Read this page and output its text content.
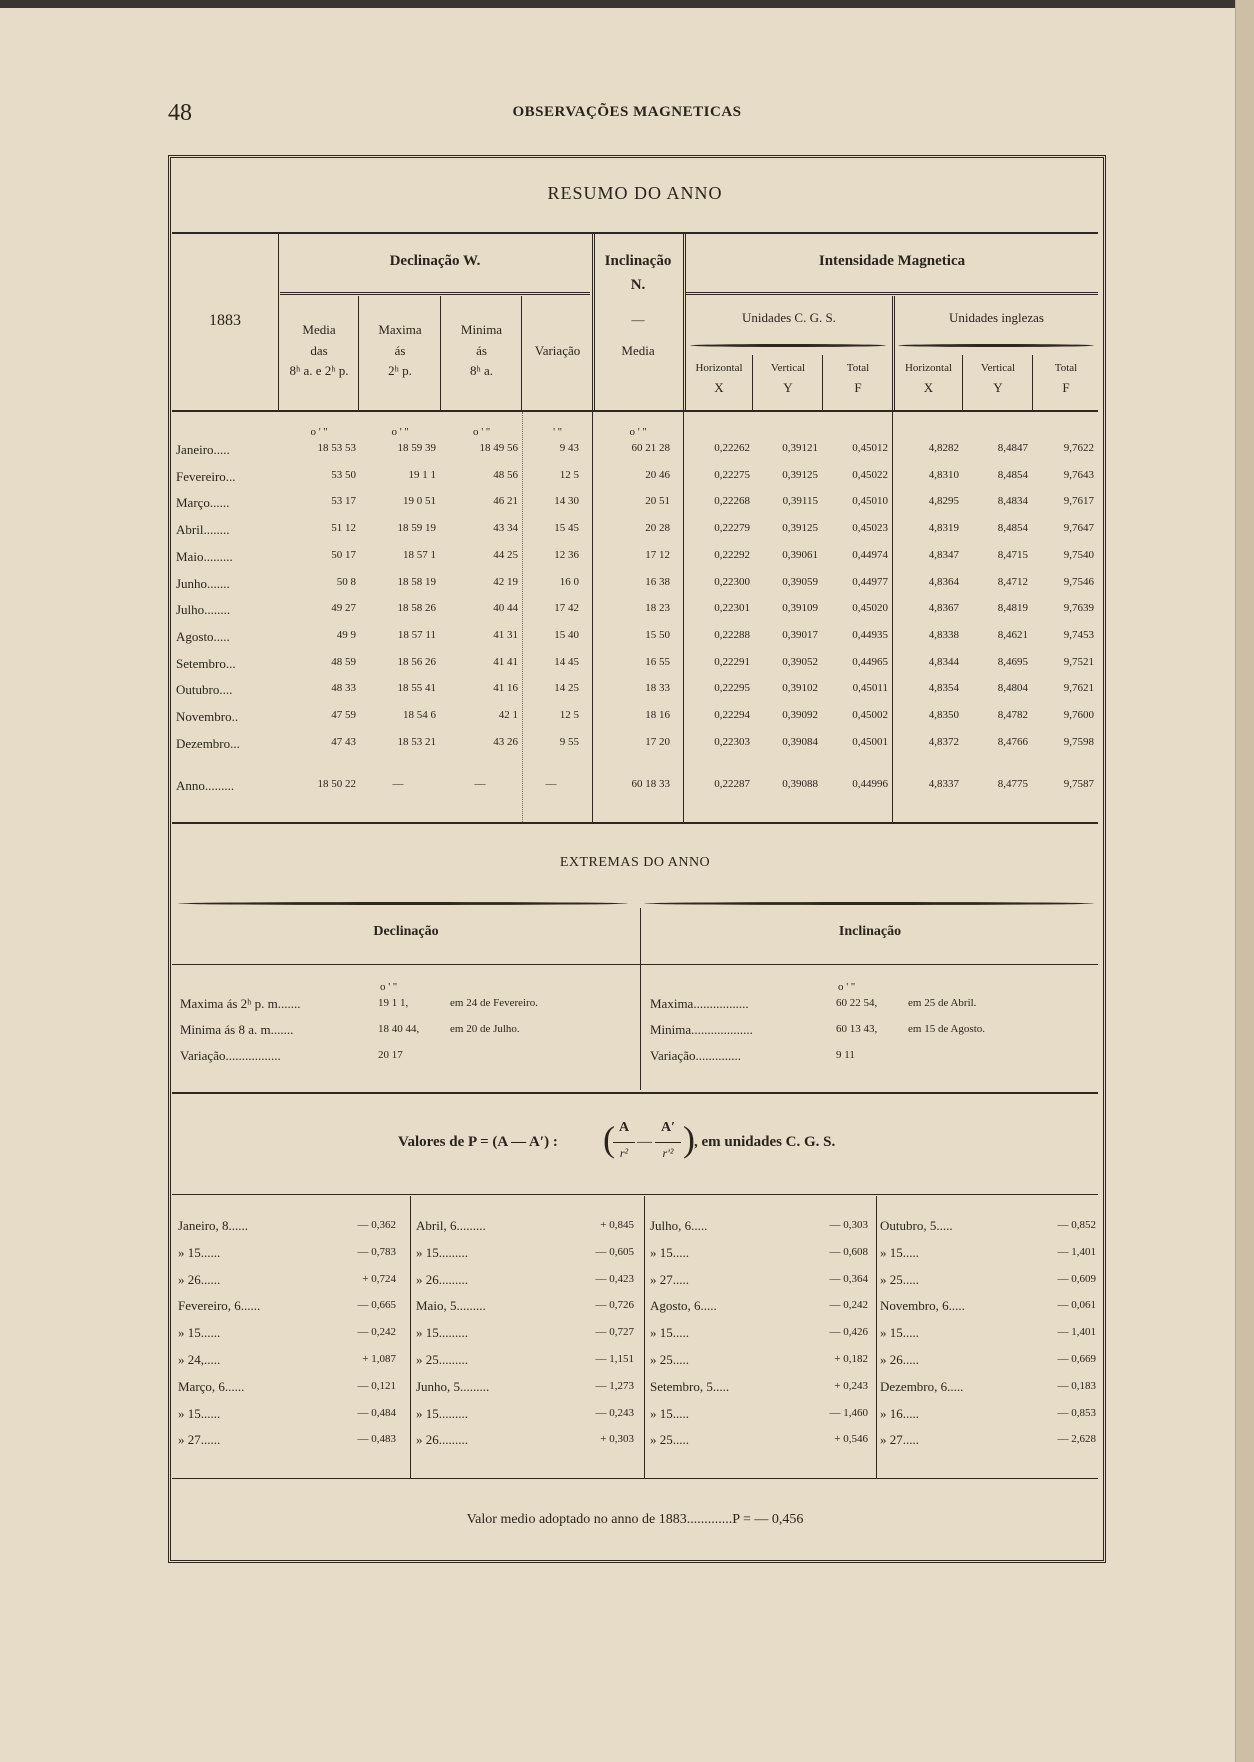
48	OBSERVAÇÕES MAGNETICAS
RESUMO DO ANNO
1883
Declinação W.	Inclinação
N.
—
Intensidade Magnetica
Unidades C. G. S.	Unidades inglezas
Media
das
8ʰ a. e 2ʰ p.
Maxima
ás
2ʰ p.
Minima
ás
8ʰ a.
Variação	Media
Horizontal	Vertical	Total
X	Y	F
Horizontal	Vertical	Total
X	Y	F
o ' ''	o ' ''	o ' ''	' ''	o ' ''
Janeiro.....	18 53 53	18 59 39	18 49 56	9 43	60 21 28	0,22262	0,39121	0,45012	4,8282	8,4847	9,7622
Fevereiro...	53 50	19 1 1	48 56	12 5	20 46	0,22275	0,39125	0,45022	4,8310	8,4854	9,7643
Março......	53 17	19 0 51	46 21	14 30	20 51	0,22268	0,39115	0,45010	4,8295	8,4834	9,7617
Abril........	51 12	18 59 19	43 34	15 45	20 28	0,22279	0,39125	0,45023	4,8319	8,4854	9,7647
Maio.........	50 17	18 57 1	44 25	12 36	17 12	0,22292	0,39061	0,44974	4,8347	8,4715	9,7540
Junho.......	50 8	18 58 19	42 19	16 0	16 38	0,22300	0,39059	0,44977	4,8364	8,4712	9,7546
Julho........	49 27	18 58 26	40 44	17 42	18 23	0,22301	0,39109	0,45020	4,8367	8,4819	9,7639
Agosto.....	49 9	18 57 11	41 31	15 40	15 50	0,22288	0,39017	0,44935	4,8338	8,4621	9,7453
Setembro...	48 59	18 56 26	41 41	14 45	16 55	0,22291	0,39052	0,44965	4,8344	8,4695	9,7521
Outubro....	48 33	18 55 41	41 16	14 25	18 33	0,22295	0,39102	0,45011	4,8354	8,4804	9,7621
Novembro..	47 59	18 54 6	42 1	12 5	18 16	0,22294	0,39092	0,45002	4,8350	8,4782	9,7600
Dezembro...	47 43	18 53 21	43 26	9 55	17 20	0,22303	0,39084	0,45001	4,8372	8,4766	9,7598
Anno.........	18 50 22	—	—	—	60 18 33	0,22287	0,39088	0,44996	4,8337	8,4775	9,7587
EXTREMAS DO ANNO
Declinação	Inclinação
o ' ''	o ' ''
Maxima ás 2ʰ p. m.......	19 1 1,	em 24 de Fevereiro.
Minima ás 8 a. m.......	18 40 44,	em 20 de Julho.
Variação.................	20 17
Maxima.................	60 22 54,	em 25 de Abril.
Minima...................	60 13 43,	em 15 de Agosto.
Variação..............	9 11
Valores de P = (A — A′) : ( A
r²
—
A′
r′² ) , em unidades C. G. S.
Janeiro, 8......	— 0,362
» 15......	— 0,783
» 26......	+ 0,724
Fevereiro, 6......	— 0,665
» 15......	— 0,242
» 24,.....	+ 1,087
Março, 6......	— 0,121
» 15......	— 0,484
» 27......	— 0,483
Abril, 6.........	+ 0,845
» 15.........	— 0,605
» 26.........	— 0,423
Maio, 5.........	— 0,726
» 15.........	— 0,727
» 25.........	— 1,151
Junho, 5.........	— 1,273
» 15.........	— 0,243
» 26.........	+ 0,303
Julho, 6.....	— 0,303
» 15.....	— 0,608
» 27.....	— 0,364
Agosto, 6.....	— 0,242
» 15.....	— 0,426
» 25.....	+ 0,182
Setembro, 5.....	+ 0,243
» 15.....	— 1,460
» 25.....	+ 0,546
Outubro, 5.....	— 0,852
» 15.....	— 1,401
» 25.....	— 0,609
Novembro, 6.....	— 0,061
» 15.....	— 1,401
» 26.....	— 0,669
Dezembro, 6.....	— 0,183
» 16.....	— 0,853
» 27.....	— 2,628
Valor medio adoptado no anno de 1883.............P = — 0,456
